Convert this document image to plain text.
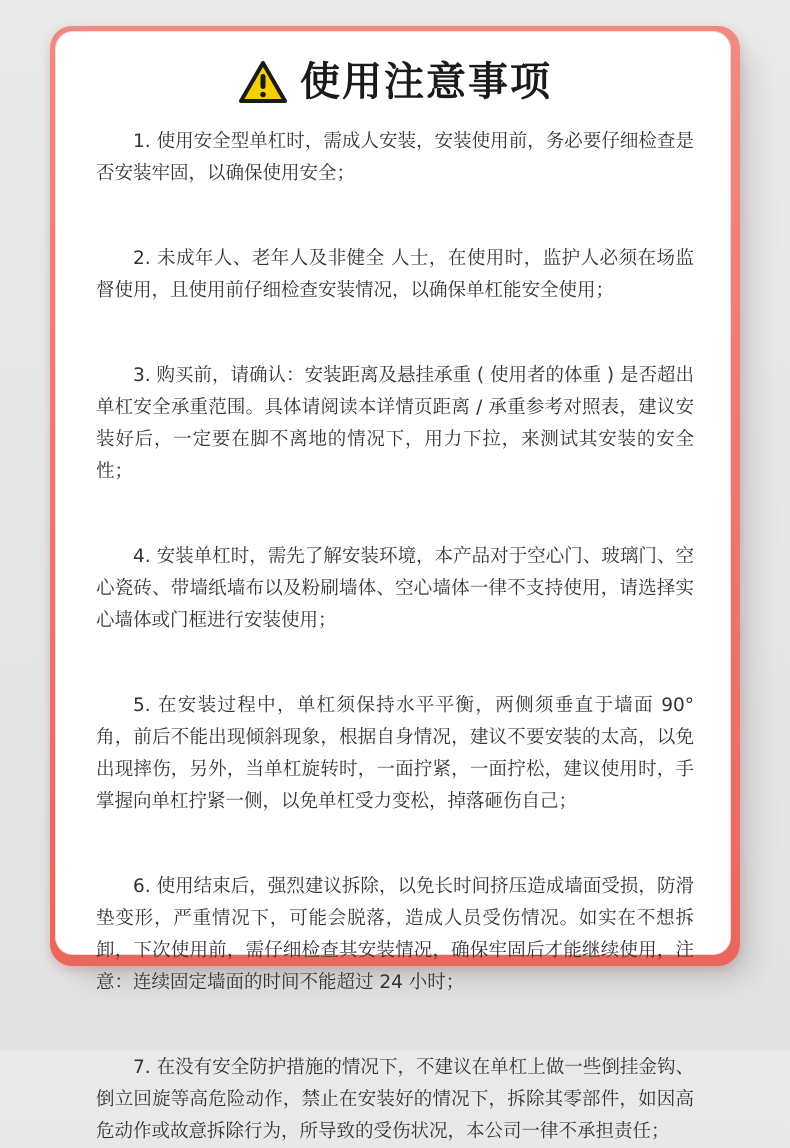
使用注意事项

1. 使用安全型单杠时，需成人安装，安装使用前，务必要仔细检查是否安装牢固，以确保使用安全；

2. 未成年人、老年人及非健全 人士，在使用时，监护人必须在场监督使用，且使用前仔细检查安装情况，以确保单杠能安全使用；

3. 购买前，请确认：安装距离及悬挂承重 ( 使用者的体重 ) 是否超出单杠安全承重范围。具体请阅读本详情页距离 / 承重参考对照表，建议安装好后，一定要在脚不离地的情况下，用力下拉，来测试其安装的安全性；

4. 安装单杠时，需先了解安装环境，本产品对于空心门、玻璃门、空心瓷砖、带墙纸墙布以及粉刷墙体、空心墙体一律不支持使用，请选择实心墙体或门框进行安装使用；

5. 在安装过程中，单杠须保持水平平衡，两侧须垂直于墙面 90°角，前后不能出现倾斜现象，根据自身情况，建议不要安装的太高，以免出现摔伤，另外，当单杠旋转时，一面拧紧，一面拧松，建议使用时，手掌握向单杠拧紧一侧，以免单杠受力变松，掉落砸伤自己；

6. 使用结束后，强烈建议拆除，以免长时间挤压造成墙面受损，防滑垫变形，严重情况下，可能会脱落，造成人员受伤情况。如实在不想拆卸，下次使用前，需仔细检查其安装情况，确保牢固后才能继续使用，注意：连续固定墙面的时间不能超过 24 小时；

7. 在没有安全防护措施的情况下，不建议在单杠上做一些倒挂金钩、倒立回旋等高危险动作，禁止在安装好的情况下，拆除其零部件，如因高危动作或故意拆除行为，所导致的受伤状况，本公司一律不承担责任；
